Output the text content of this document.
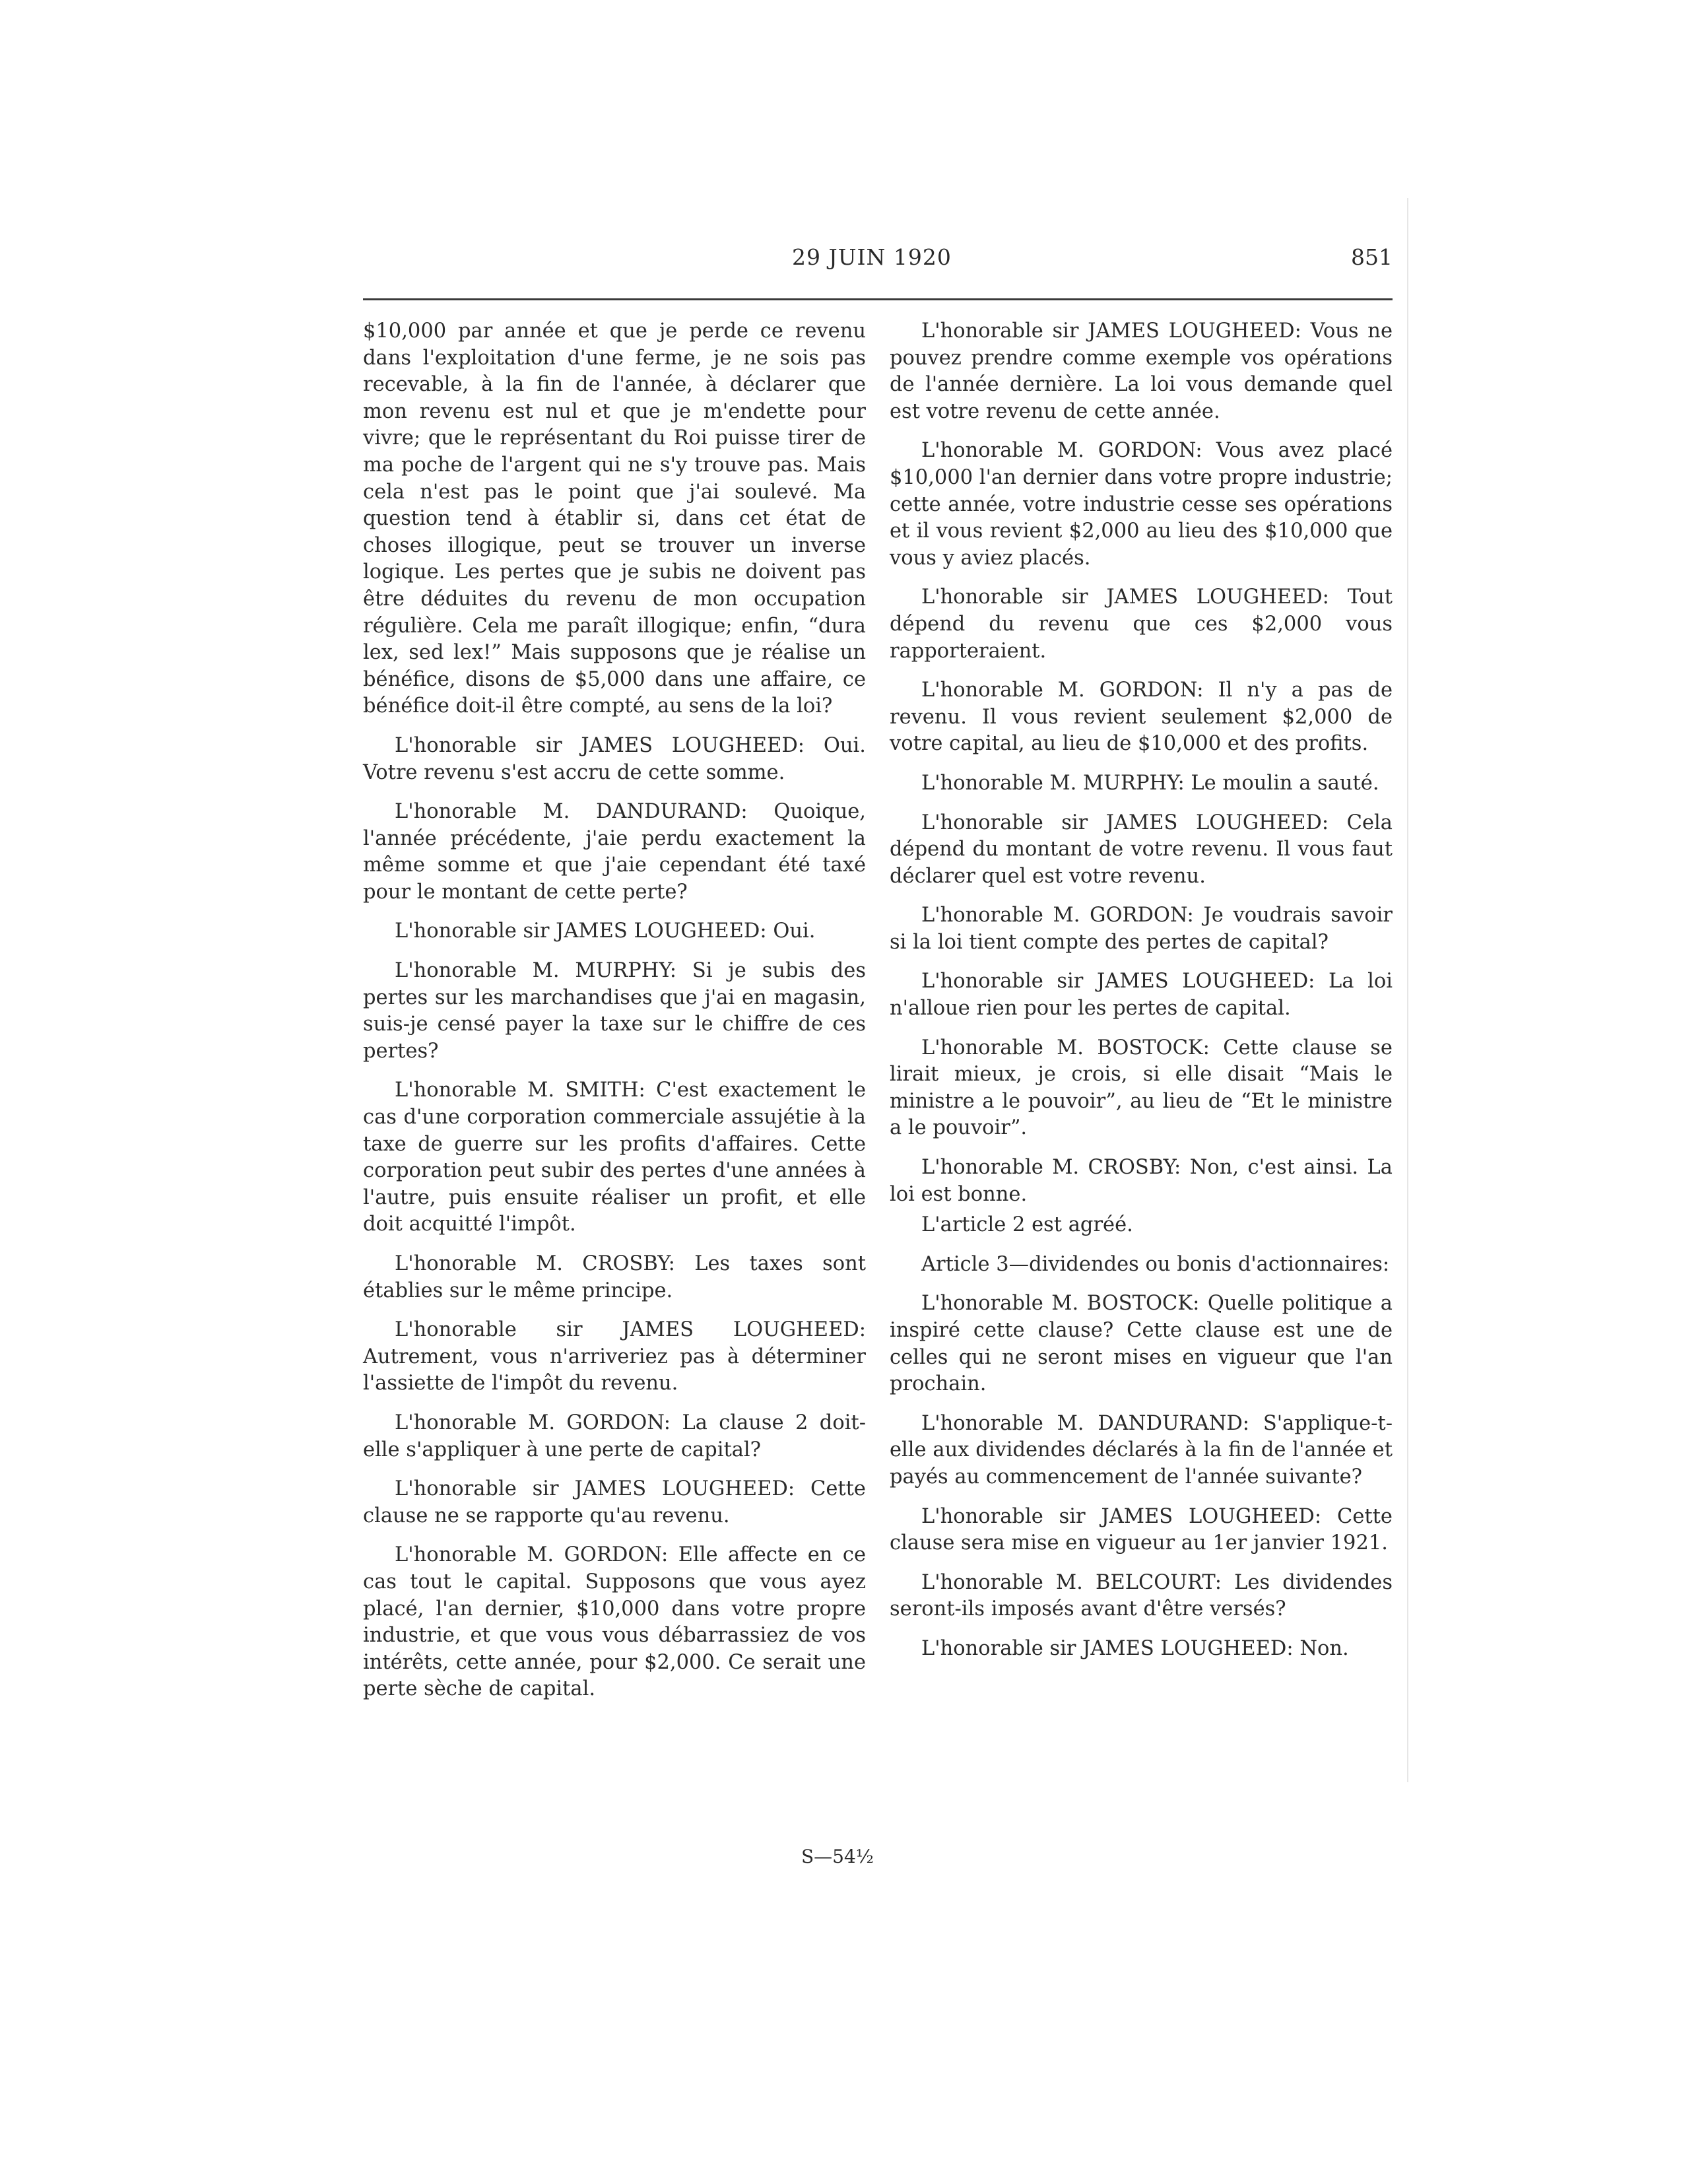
29 JUIN 1920	851

$10,000 par année et que je perde ce revenu dans l'exploitation d'une ferme, je ne sois pas recevable, à la fin de l'année, à déclarer que mon revenu est nul et que je m'endette pour vivre; que le représentant du Roi puisse tirer de ma poche de l'argent qui ne s'y trouve pas. Mais cela n'est pas le point que j'ai soulevé. Ma question tend à établir si, dans cet état de choses illogique, peut se trouver un inverse logique. Les pertes que je subis ne doivent pas être déduites du revenu de mon occupation régulière. Cela me paraît illogique; enfin, “dura lex, sed lex!” Mais supposons que je réalise un bénéfice, disons de $5,000 dans une affaire, ce bénéfice doit-il être compté, au sens de la loi?

L'honorable sir JAMES LOUGHEED: Oui. Votre revenu s'est accru de cette somme.

L'honorable M. DANDURAND: Quoique, l'année précédente, j'aie perdu exactement la même somme et que j'aie cependant été taxé pour le montant de cette perte?

L'honorable sir JAMES LOUGHEED: Oui.

L'honorable M. MURPHY: Si je subis des pertes sur les marchandises que j'ai en magasin, suis-je censé payer la taxe sur le chiffre de ces pertes?

L'honorable M. SMITH: C'est exactement le cas d'une corporation commerciale assujétie à la taxe de guerre sur les profits d'affaires. Cette corporation peut subir des pertes d'une années à l'autre, puis ensuite réaliser un profit, et elle doit acquitté l'impôt.

L'honorable M. CROSBY: Les taxes sont établies sur le même principe.

L'honorable sir JAMES LOUGHEED: Autrement, vous n'arriveriez pas à déterminer l'assiette de l'impôt du revenu.

L'honorable M. GORDON: La clause 2 doit-elle s'appliquer à une perte de capital?

L'honorable sir JAMES LOUGHEED: Cette clause ne se rapporte qu'au revenu.

L'honorable M. GORDON: Elle affecte en ce cas tout le capital. Supposons que vous ayez placé, l'an dernier, $10,000 dans votre propre industrie, et que vous vous débarrassiez de vos intérêts, cette année, pour $2,000. Ce serait une perte sèche de capital.

L'honorable sir JAMES LOUGHEED: Vous ne pouvez prendre comme exemple vos opérations de l'année dernière. La loi vous demande quel est votre revenu de cette année.

L'honorable M. GORDON: Vous avez placé $10,000 l'an dernier dans votre propre industrie; cette année, votre industrie cesse ses opérations et il vous revient $2,000 au lieu des $10,000 que vous y aviez placés.

L'honorable sir JAMES LOUGHEED: Tout dépend du revenu que ces $2,000 vous rapporteraient.

L'honorable M. GORDON: Il n'y a pas de revenu. Il vous revient seulement $2,000 de votre capital, au lieu de $10,000 et des profits.

L'honorable M. MURPHY: Le moulin a sauté.

L'honorable sir JAMES LOUGHEED: Cela dépend du montant de votre revenu. Il vous faut déclarer quel est votre revenu.

L'honorable M. GORDON: Je voudrais savoir si la loi tient compte des pertes de capital?

L'honorable sir JAMES LOUGHEED: La loi n'alloue rien pour les pertes de capital.

L'honorable M. BOSTOCK: Cette clause se lirait mieux, je crois, si elle disait “Mais le ministre a le pouvoir”, au lieu de “Et le ministre a le pouvoir”.

L'honorable M. CROSBY: Non, c'est ainsi. La loi est bonne.

L'article 2 est agréé.

Article 3—dividendes ou bonis d'actionnaires:

L'honorable M. BOSTOCK: Quelle politique a inspiré cette clause? Cette clause est une de celles qui ne seront mises en vigueur que l'an prochain.

L'honorable M. DANDURAND: S'applique-t-elle aux dividendes déclarés à la fin de l'année et payés au commencement de l'année suivante?

L'honorable sir JAMES LOUGHEED: Cette clause sera mise en vigueur au 1er janvier 1921.

L'honorable M. BELCOURT: Les dividendes seront-ils imposés avant d'être versés?

L'honorable sir JAMES LOUGHEED: Non.

S—54½
